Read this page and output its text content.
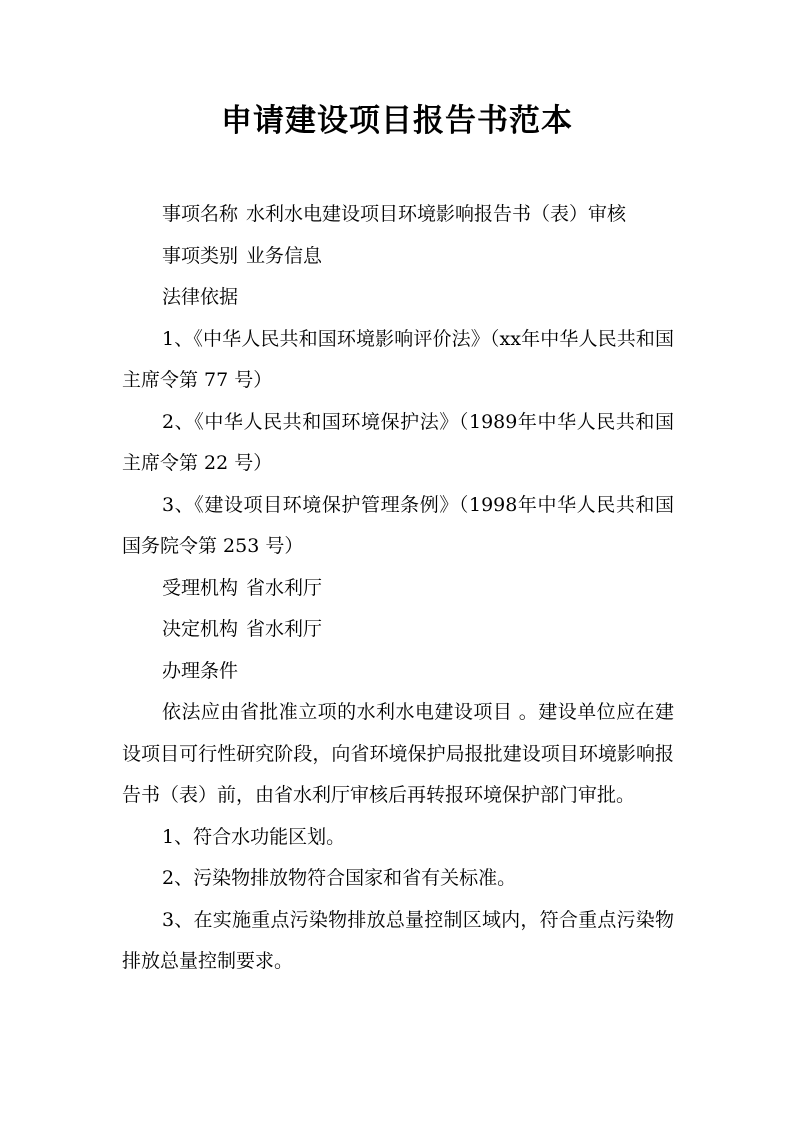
申请建设项目报告书范本

事项名称 水利水电建设项目环境影响报告书（表）审核

事项类别 业务信息

法律依据

1、《中华人民共和国环境影响评价法》（xx年中华人民共和国主席令第 77 号）

2、《中华人民共和国环境保护法》（1989年中华人民共和国主席令第 22 号）

3、《建设项目环境保护管理条例》（1998年中华人民共和国国务院令第 253 号）

受理机构 省水利厅

决定机构 省水利厅

办理条件

依法应由省批准立项的水利水电建设项目 。建设单位应在建设项目可行性研究阶段，向省环境保护局报批建设项目环境影响报告书（表）前，由省水利厅审核后再转报环境保护部门审批。

1、符合水功能区划。

2、污染物排放物符合国家和省有关标准。

3、在实施重点污染物排放总量控制区域内，符合重点污染物排放总量控制要求。
